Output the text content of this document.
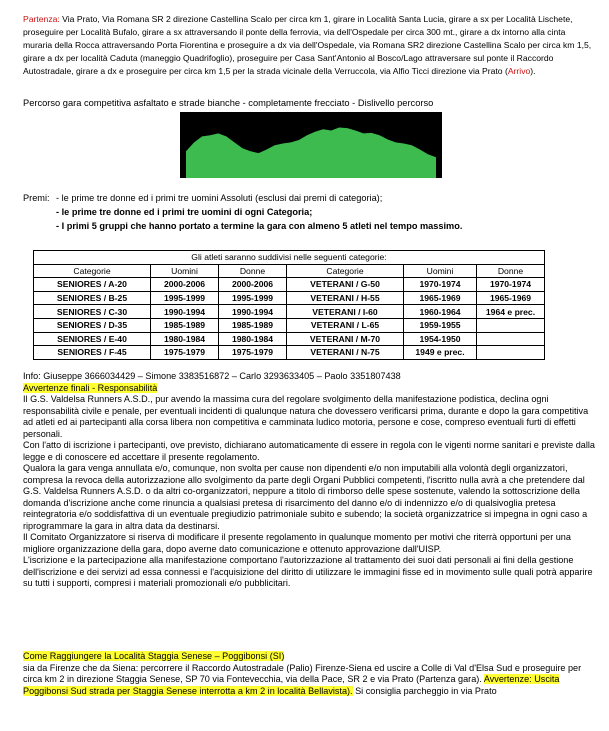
Partenza: Via Prato, Via Romana SR 2 direzione Castellina Scalo per circa km 1, girare in Località Santa Lucia, girare a sx per Località Lischete, proseguire per Località Bufalo, girare a sx attraversando il ponte della ferrovia, via dell'Ospedale per circa 300 mt., girare a dx intorno alla cinta muraria della Rocca attraversando Porta Fiorentina e proseguire a dx via dell'Ospedale, via Romana SR2 direzione Castellina Scalo per circa km 1,5, girare a dx per località Caduta (maneggio Quadrifoglio), proseguire per Casa Sant'Antonio al Bosco/Lago attraversare sul ponte il Raccordo Autostradale, girare a dx e proseguire per circa km 1,5 per la strada vicinale della Verruccola, via Alfio Ticci direzione via Prato (Arrivo).
Percorso gara competitiva asfaltato e strade bianche - completamente frecciato - Dislivello percorso
Premi: - le prime tre donne ed i primi tre uomini Assoluti (esclusi dai premi di categoria);
- le prime tre donne ed i primi tre uomini di ogni Categoria;
- I primi 5 gruppi che hanno portato a termine la gara con almeno 5 atleti nel tempo massimo.
Gli atleti saranno suddivisi nelle seguenti categorie:					
Categorie	Uomini	Donne	Categorie	Uomini	Donne
SENIORES / A-20	2000-2006	2000-2006	VETERANI / G-50	1970-1974	1970-1974
SENIORES / B-25	1995-1999	1995-1999	VETERANI / H-55	1965-1969	1965-1969
SENIORES / C-30	1990-1994	1990-1994	VETERANI / I-60	1960-1964	1964 e prec.
SENIORES / D-35	1985-1989	1985-1989	VETERANI / L-65	1959-1955	
SENIORES / E-40	1980-1984	1980-1984	VETERANI / M-70	1954-1950	
SENIORES / F-45	1975-1979	1975-1979	VETERANI / N-75	1949 e prec.	

Info: Giuseppe 3666034429 – Simone 3383516872 – Carlo 3293633405 – Paolo 3351807438

Avvertenze finali - Responsabilità

Il G.S. Valdelsa Runners A.S.D., pur avendo la massima cura del regolare svolgimento della manifestazione podistica, declina ogni responsabilità civile e penale, per eventuali incidenti di qualunque natura che dovessero verificarsi prima, durante e dopo la gara competitiva ad atleti ed ai partecipanti alla corsa libera non competitiva e camminata ludico motoria, persone e cose, compreso eventuali furti di effetti personali.

Con l'atto di iscrizione i partecipanti, ove previsto, dichiarano automaticamente di essere in regola con le vigenti norme sanitari e previste dalla legge e di conoscere ed accettare il presente regolamento.

Qualora la gara venga annullata e/o, comunque, non svolta per cause non dipendenti e/o non imputabili alla volontà degli organizzatori, compresa la revoca della autorizzazione allo svolgimento da parte degli Organi Pubblici competenti, l'iscritto nulla avrà a che pretendere dal G.S. Valdelsa Runners A.S.D. o da altri co-organizzatori, neppure a titolo di rimborso delle spese sostenute, valendo la sottoscrizione della domanda d'iscrizione anche come rinuncia a qualsiasi pretesa di risarcimento del danno e/o di indennizzo e/o di qualsivoglia pretesa reintegratoria e/o soddisfattiva di un eventuale pregiudizio patrimoniale subito e subendo; la società organizzatrice si impegna in ogni caso a riprogrammare la gara in altra data da destinarsi.

Il Comitato Organizzatore si riserva di modificare il presente regolamento in qualunque momento per motivi che riterrà opportuni per una migliore organizzazione della gara, dopo averne dato comunicazione e ottenuto approvazione dall'UISP.

L'iscrizione e la partecipazione alla manifestazione comportano l'autorizzazione al trattamento dei suoi dati personali ai fini della gestione dell'iscrizione e dei servizi ad essa connessi e l'acquisizione del diritto di utilizzare le immagini fisse ed in movimento sulle quali potrà apparire su tutti i supporti, compresi i materiali promozionali e/o pubblicitari.

Come Raggiungere la Località Staggia Senese – Poggibonsi (SI)

sia da Firenze che da Siena: percorrere il Raccordo Autostradale (Palio) Firenze-Siena ed uscire a Colle di Val d'Elsa Sud e proseguire per circa km 2 in direzione Staggia Senese, SP 70 via Fontevecchia, via della Pace, SR 2 e via Prato (Partenza gara). Avvertenze: Uscita Poggibonsi Sud strada per Staggia Senese interrotta a km 2 in località Bellavista). Si consiglia parcheggio in via Prato
